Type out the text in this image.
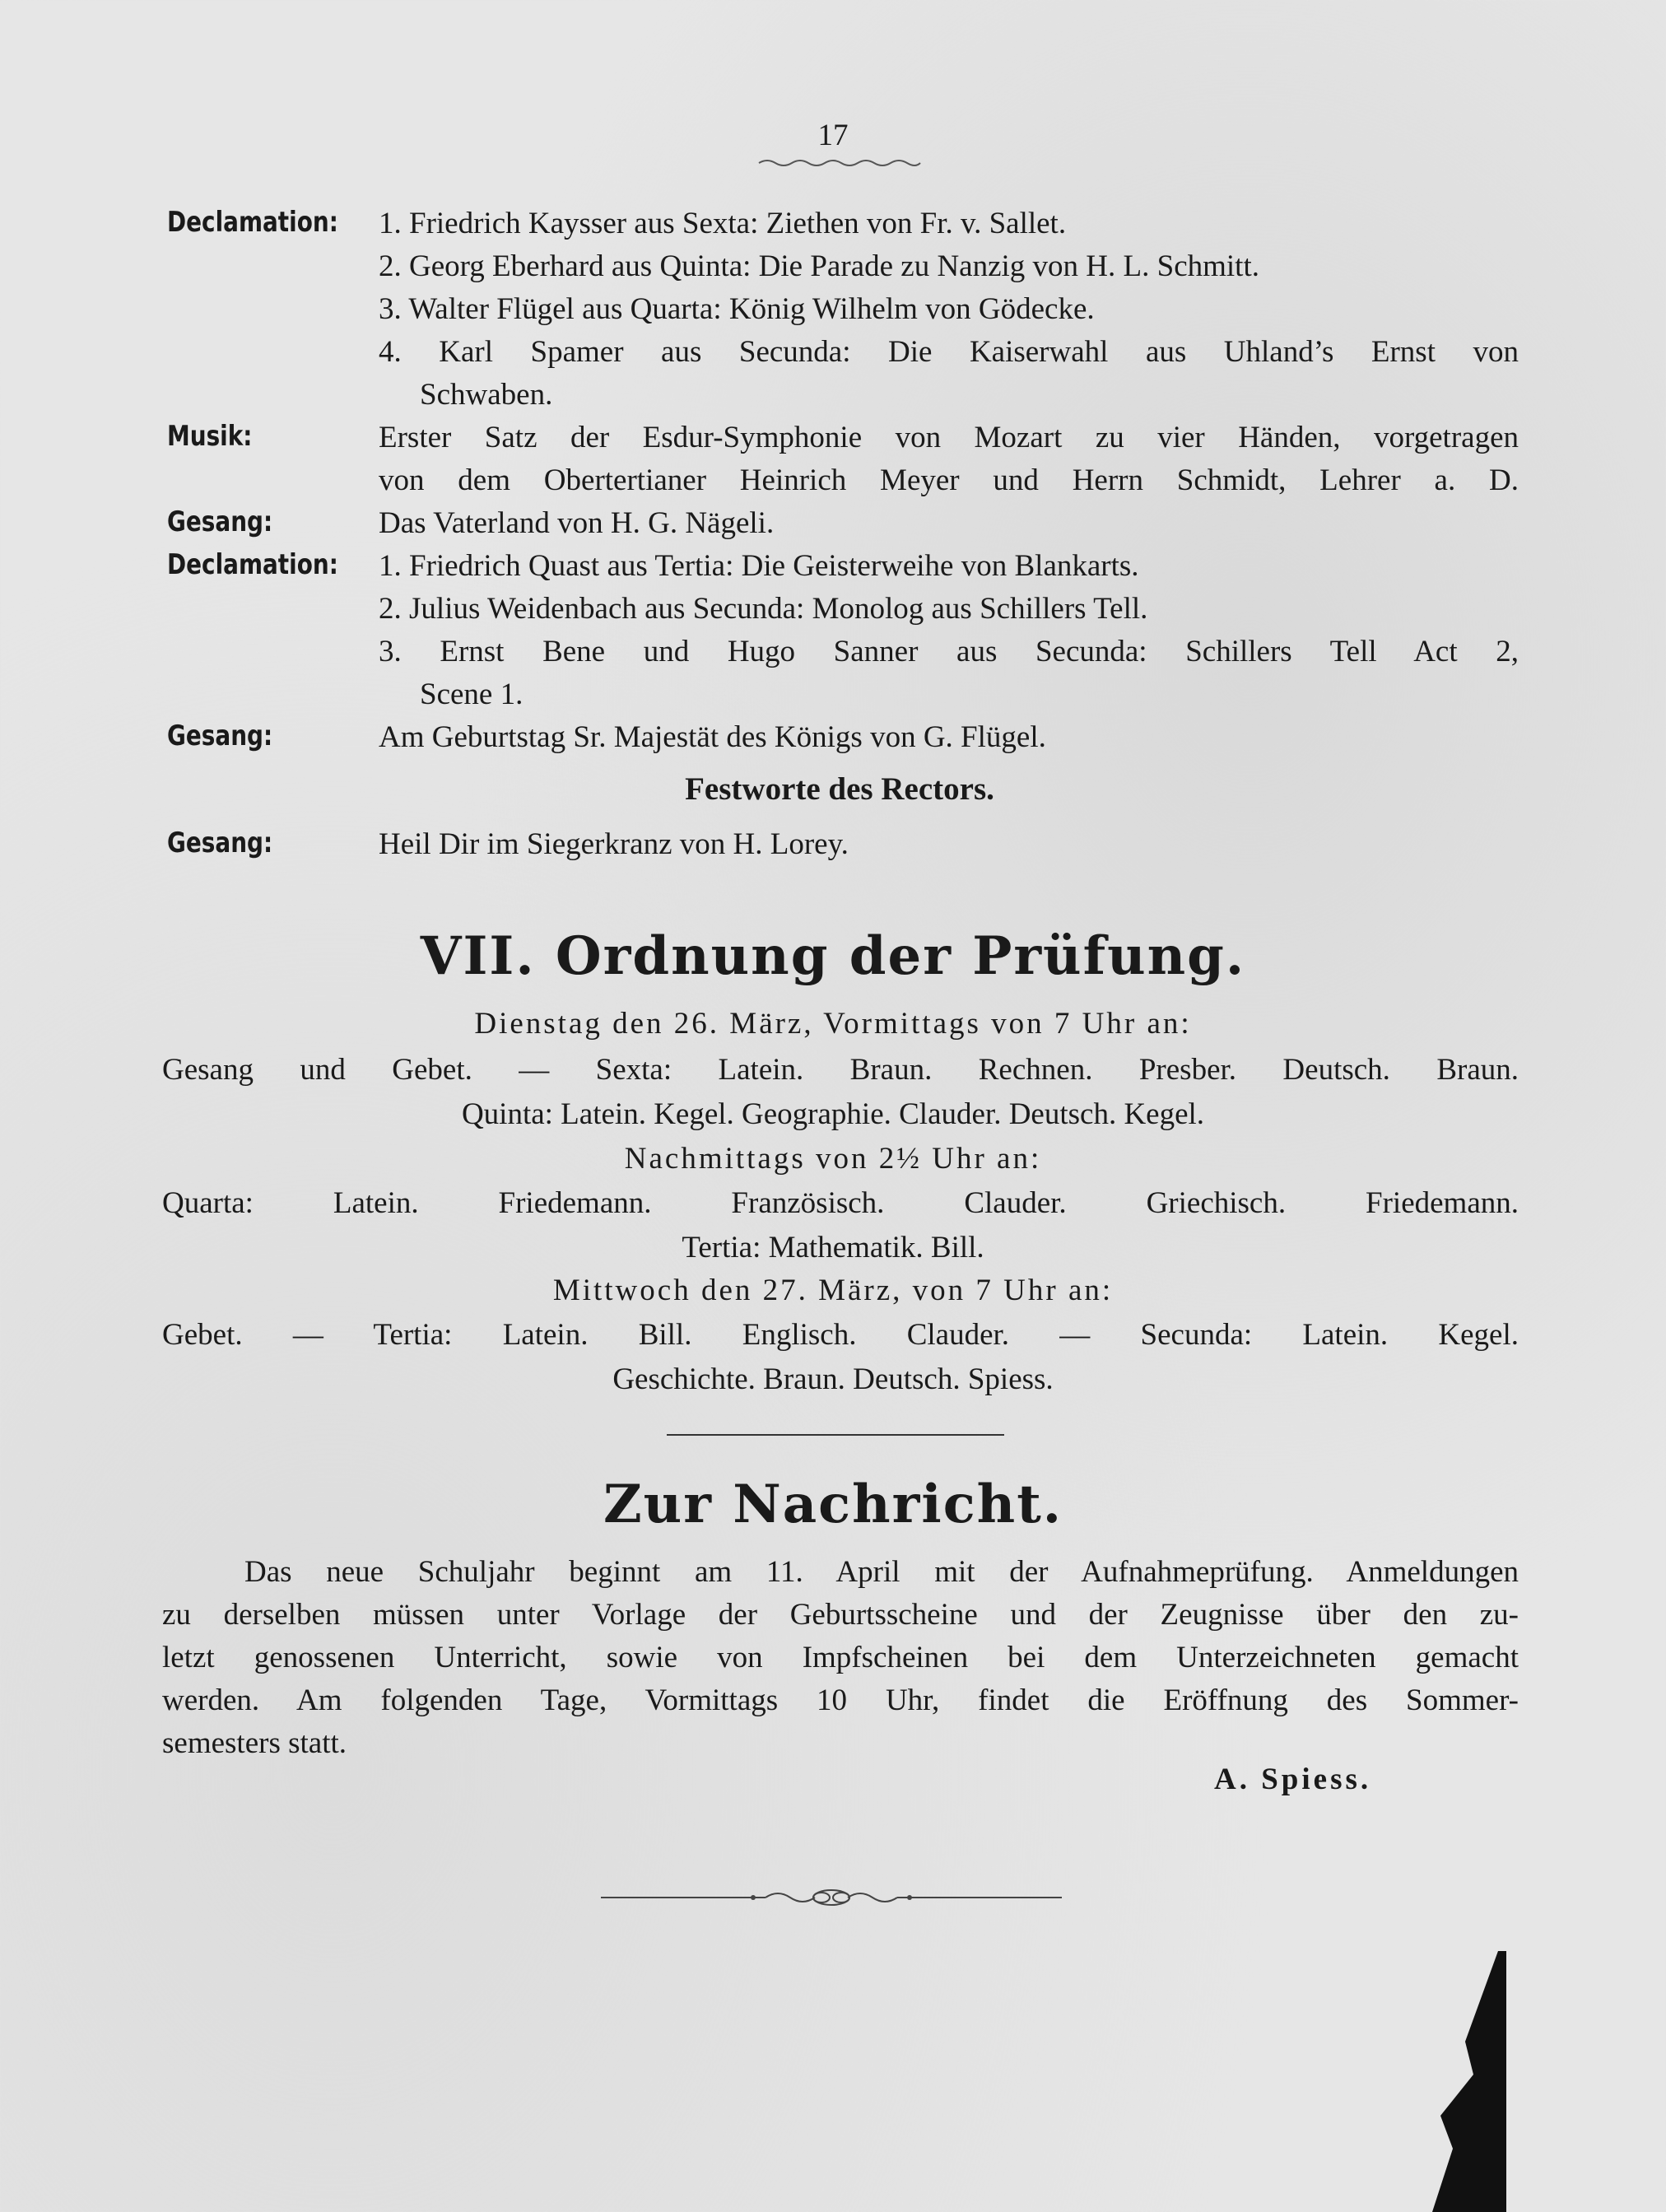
17
Declamation: 1. Friedrich Kaysser aus Sexta: Ziethen von Fr. v. Sallet.
2. Georg Eberhard aus Quinta: Die Parade zu Nanzig von H. L. Schmitt.
3. Walter Flügel aus Quarta: König Wilhelm von Gödecke.
4. Karl Spamer aus Secunda: Die Kaiserwahl aus Uhland’s Ernst von
Schwaben.
Musik:	Erster Satz der Esdur-Symphonie von Mozart zu vier Händen, vorgetragen
von dem Obertertianer Heinrich Meyer und Herrn Schmidt, Lehrer a. D.
Gesang:	Das Vaterland von H. G. Nägeli.
Declamation: 1. Friedrich Quast aus Tertia: Die Geisterweihe von Blankarts.
2. Julius Weidenbach aus Secunda: Monolog aus Schillers Tell.
3. Ernst Bene und Hugo Sanner aus Secunda: Schillers Tell Act 2,
Scene 1.
Gesang:	Am Geburtstag Sr. Majestät des Königs von G. Flügel.
Festworte des Rectors.
Gesang:	Heil Dir im Siegerkranz von H. Lorey.
VII. Ordnung der Prüfung.
Dienstag den 26. März, Vormittags von 7 Uhr an:
Gesang und Gebet. — Sexta: Latein. Braun. Rechnen. Presber. Deutsch. Braun.
Quinta: Latein. Kegel. Geographie. Clauder. Deutsch. Kegel.
Nachmittags von 2½ Uhr an:
Quarta: Latein. Friedemann. Französisch. Clauder. Griechisch. Friedemann.
Tertia: Mathematik. Bill.
Mittwoch den 27. März, von 7 Uhr an:
Gebet. — Tertia: Latein. Bill. Englisch. Clauder. — Secunda: Latein. Kegel.
Geschichte. Braun. Deutsch. Spiess.
Zur Nachricht.
Das neue Schuljahr beginnt am 11. April mit der Aufnahmeprüfung. Anmeldungen
zu derselben müssen unter Vorlage der Geburtsscheine und der Zeugnisse über den zu-
letzt genossenen Unterricht, sowie von Impfscheinen bei dem Unterzeichneten gemacht
werden. Am folgenden Tage, Vormittags 10 Uhr, findet die Eröffnung des Sommer-
semesters statt.
A. Spiess.
